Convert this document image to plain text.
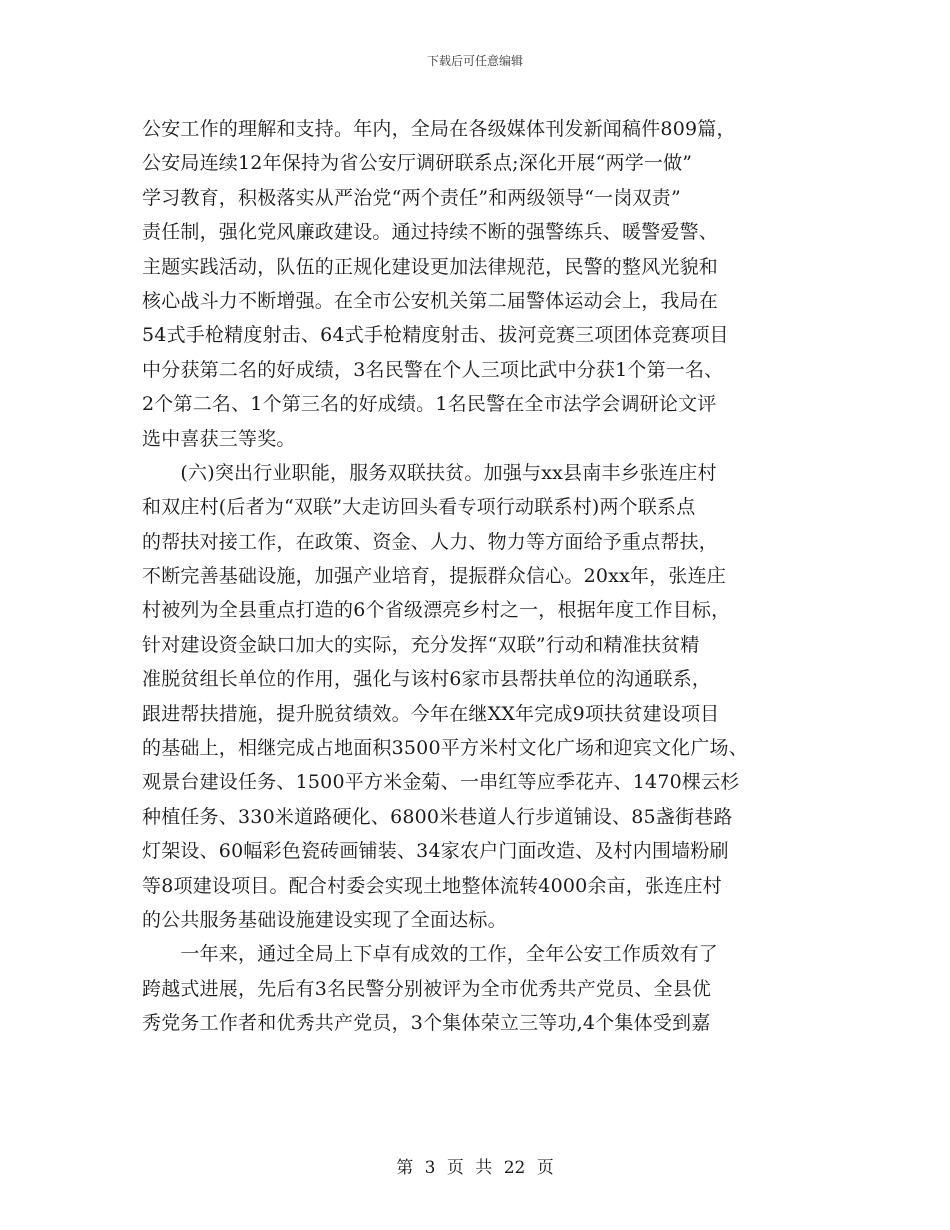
下载后可任意编辑
公安工作的理解和支持。年内，全局在各级媒体刊发新闻稿件809篇，
公安局连续12年保持为省公安厅调研联系点;深化开展“两学一做”
学习教育，积极落实从严治党“两个责任”和两级领导“一岗双责”
责任制，强化党风廉政建设。通过持续不断的强警练兵、暖警爱警、
主题实践活动，队伍的正规化建设更加法律规范，民警的整风光貌和
核心战斗力不断增强。在全市公安机关第二届警体运动会上，我局在
54式手枪精度射击、64式手枪精度射击、拔河竞赛三项团体竞赛项目
中分获第二名的好成绩，3名民警在个人三项比武中分获1个第一名、
2个第二名、1个第三名的好成绩。1名民警在全市法学会调研论文评
选中喜获三等奖。
　　(六)突出行业职能，服务双联扶贫。加强与xx县南丰乡张连庄村
和双庄村(后者为“双联”大走访回头看专项行动联系村)两个联系点
的帮扶对接工作，在政策、资金、人力、物力等方面给予重点帮扶，
不断完善基础设施，加强产业培育，提振群众信心。20xx年，张连庄
村被列为全县重点打造的6个省级漂亮乡村之一，根据年度工作目标，
针对建设资金缺口加大的实际，充分发挥“双联”行动和精准扶贫精
准脱贫组长单位的作用，强化与该村6家市县帮扶单位的沟通联系，
跟进帮扶措施，提升脱贫绩效。今年在继XX年完成9项扶贫建设项目
的基础上，相继完成占地面积3500平方米村文化广场和迎宾文化广场、
观景台建设任务、1500平方米金菊、一串红等应季花卉、1470棵云杉
种植任务、330米道路硬化、6800米巷道人行步道铺设、85盏街巷路
灯架设、60幅彩色瓷砖画铺装、34家农户门面改造、及村内围墙粉刷
等8项建设项目。配合村委会实现土地整体流转4000余亩，张连庄村
的公共服务基础设施建设实现了全面达标。
　　一年来，通过全局上下卓有成效的工作，全年公安工作质效有了
跨越式进展，先后有3名民警分别被评为全市优秀共产党员、全县优
秀党务工作者和优秀共产党员，3个集体荣立三等功,4个集体受到嘉
第 3 页 共 22 页
